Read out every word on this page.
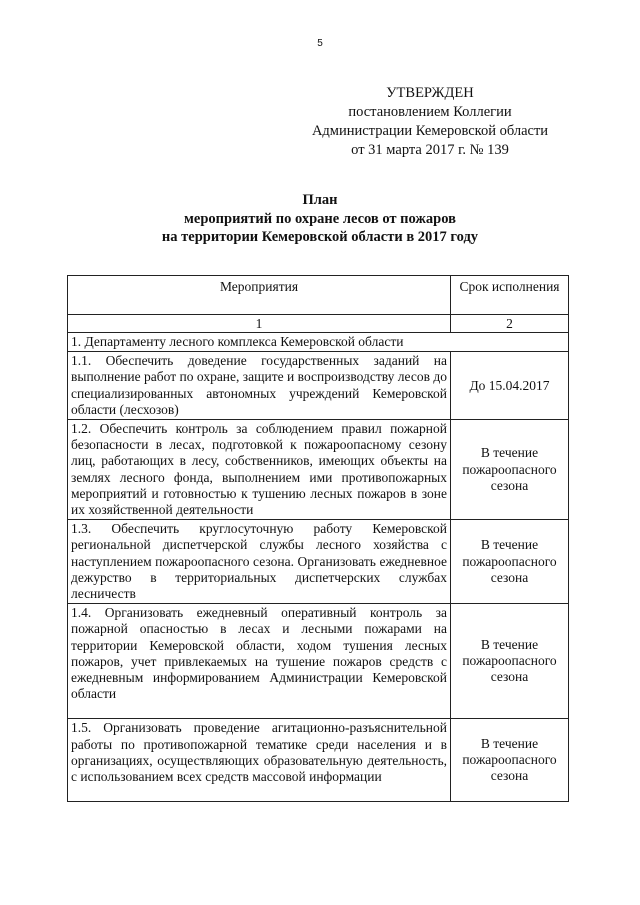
5
УТВЕРЖДЕН
постановлением Коллегии
Администрации Кемеровской области
от 31 марта 2017 г. № 139
План
мероприятий по охране лесов от пожаров
на территории Кемеровской области в 2017 году
Мероприятия	Срок исполнения
1	2
1. Департаменту лесного комплекса Кемеровской области	
1.1. Обеспечить доведение государственных заданий на выполнение работ по охране, защите и воспроизводству лесов до специализированных автономных учреждений Кемеровской области (лесхозов)	До 15.04.2017
1.2. Обеспечить контроль за соблюдением правил пожарной безопасности в лесах, подготовкой к пожароопасному сезону лиц, работающих в лесу, собственников, имеющих объекты на землях лесного фонда, выполнением ими противопожарных мероприятий и готовностью к тушению лесных пожаров в зоне их хозяйственной деятельности	В течение пожароопасного сезона
1.3. Обеспечить круглосуточную работу Кемеровской региональной диспетчерской службы лесного хозяйства с наступлением пожароопасного сезона. Организовать ежедневное дежурство в территориальных диспетчерских службах лесничеств	В течение пожароопасного сезона
1.4. Организовать ежедневный оперативный контроль за пожарной опасностью в лесах и лесными пожарами на территории Кемеровской области, ходом тушения лесных пожаров, учет привлекаемых на тушение пожаров средств с ежедневным информированием Администрации Кемеровской области	В течение пожароопасного сезона
1.5. Организовать проведение агитационно-разъяснительной работы по противопожарной тематике среди населения и в организациях, осуществляющих образовательную деятельность, с использованием всех средств массовой информации	В течение пожароопасного сезона
